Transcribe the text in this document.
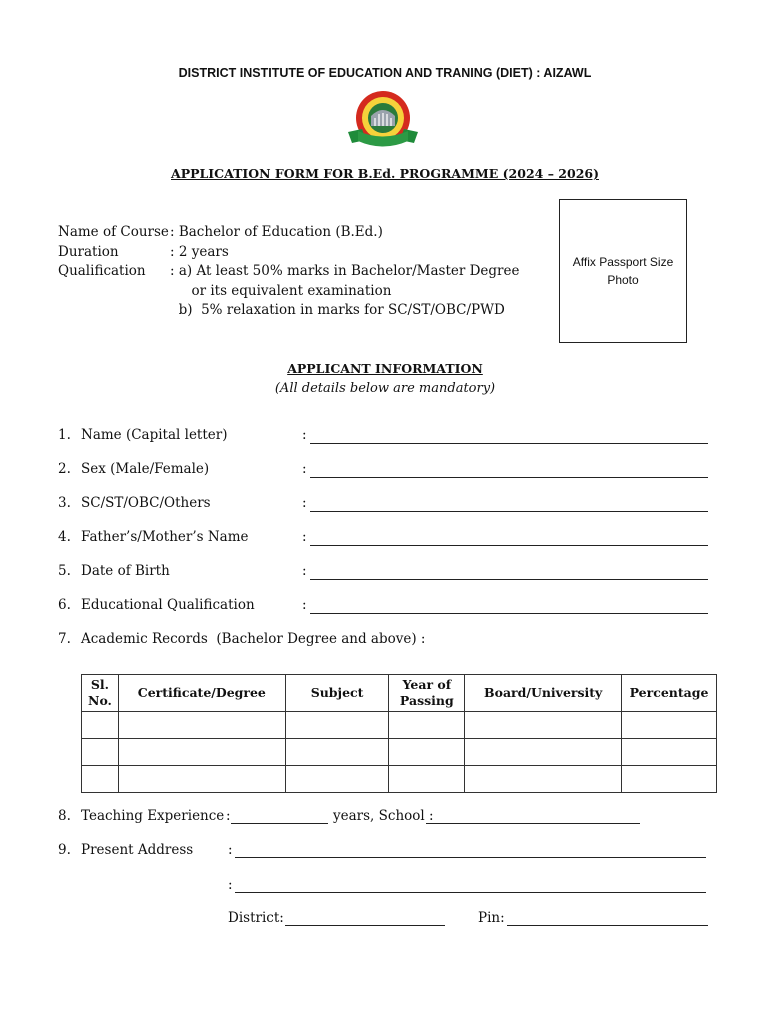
DISTRICT INSTITUTE OF EDUCATION AND TRANING (DIET) : AIZAWL
APPLICATION FORM FOR B.Ed. PROGRAMME (2024 – 2026)
Name of Course : Bachelor of Education (B.Ed.)
Duration	: 2 years
Qualification	: a) At least 50% marks in Bachelor/Master Degree
or its equivalent examination
b)  5% relaxation in marks for SC/ST/OBC/PWD
Affix Passport Size Photo
APPLICANT INFORMATION
(All details below are mandatory)
1. Name (Capital letter)	:
2. Sex (Male/Female)	:
3. SC/ST/OBC/Others	:
4. Father’s/Mother’s Name	:
5. Date of Birth	:
6. Educational Qualification	:
7. Academic Records  (Bachelor Degree and above) :
Sl. No.	Certificate/Degree	Subject	Year of Passing	Board/University	Percentage

8. Teaching Experience :	years, School :
9. Present Address	:
:
District:	Pin:
